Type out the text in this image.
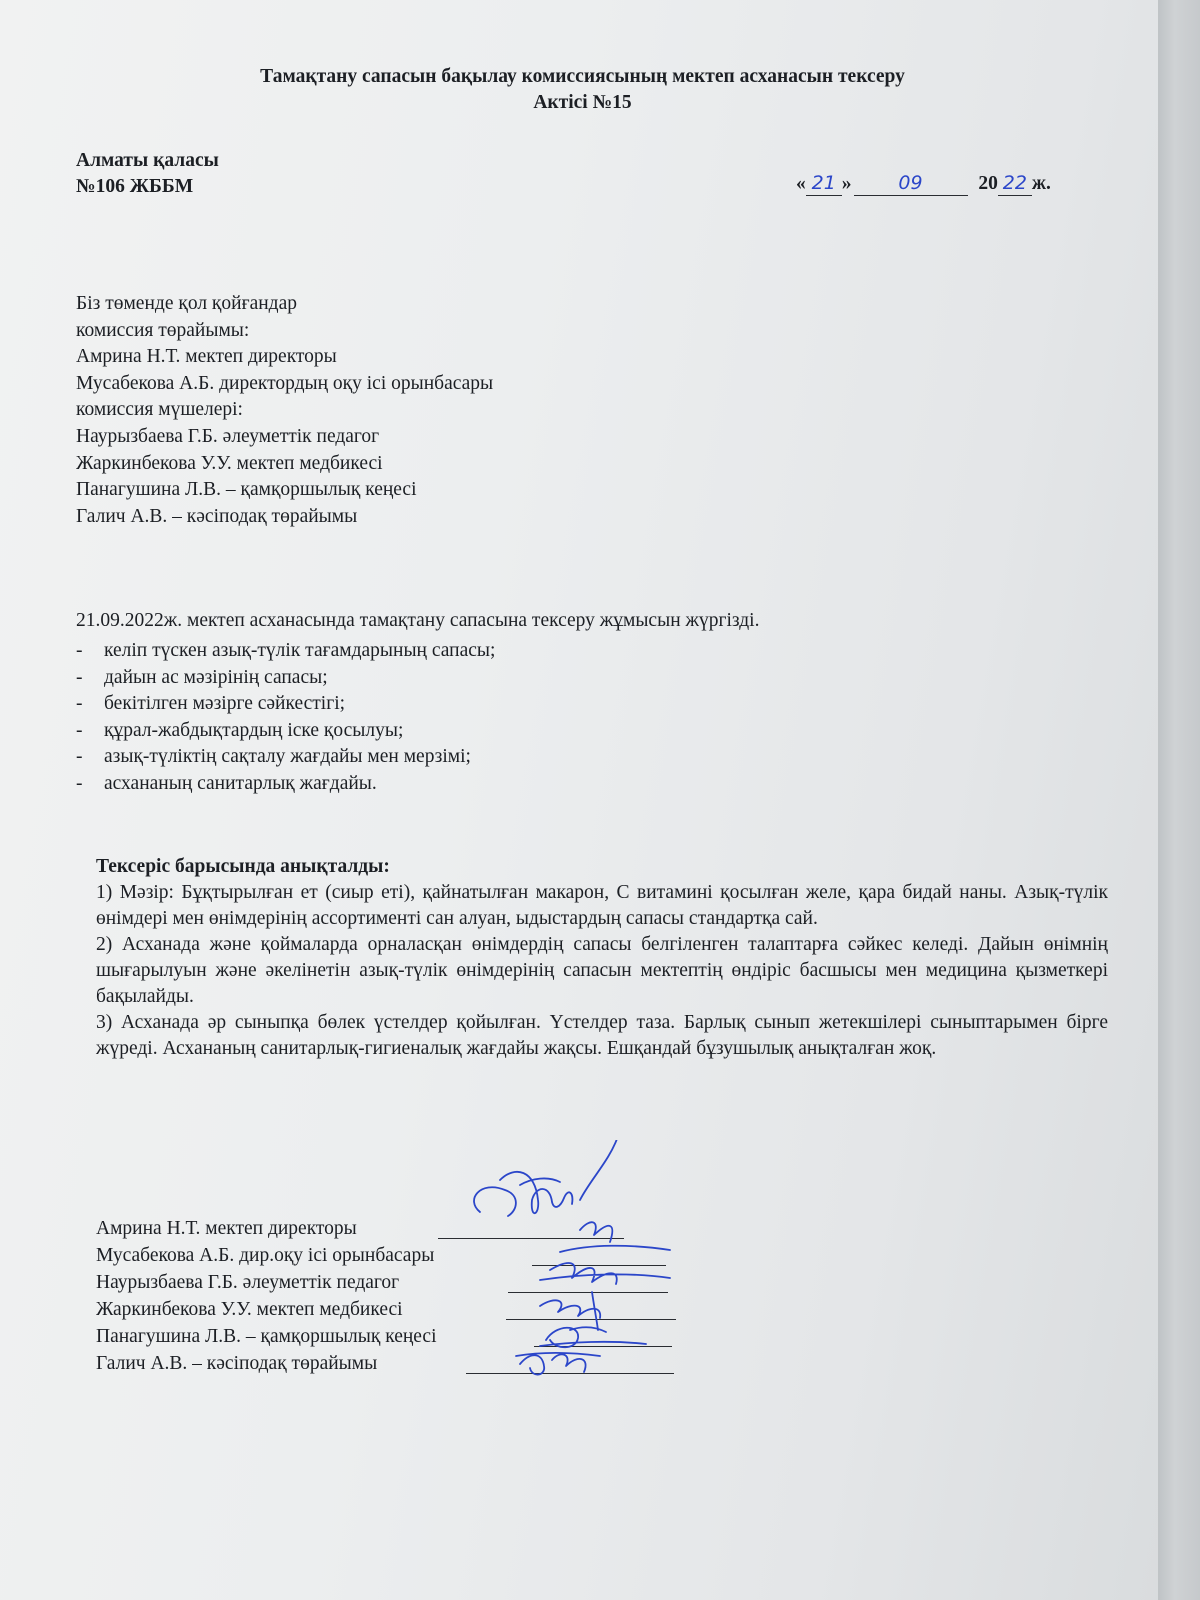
Тамақтану сапасын бақылау комиссиясының мектеп асханасын тексеру
Актісі №15
Алматы қаласы
№106 ЖББМ	« 21 » 09	20 22 ж.
Біз төменде қол қойғандар
комиссия төрайымы:
Амрина Н.Т. мектеп директоры
Мусабекова А.Б. директордың оқу ісі орынбасары
комиссия мүшелері:
Наурызбаева Г.Б. әлеуметтік педагог
Жаркинбекова У.У. мектеп медбикесі
Панагушина Л.В. – қамқоршылық кеңесі
Галич А.В. – кәсіподақ төрайымы
21.09.2022ж. мектеп асханасында тамақтану сапасына тексеру жұмысын жүргізді.
- келіп түскен азық-түлік тағамдарының сапасы;
- дайын ас мәзірінің сапасы;
- бекітілген мәзірге сәйкестігі;
- құрал-жабдықтардың іске қосылуы;
- азық-түліктің сақталу жағдайы мен мерзімі;
- асхананың санитарлық жағдайы.
Тексеріс барысында анықталды:

1) Мәзір: Бұқтырылған ет (сиыр еті), қайнатылған макарон, С витамині қосылған желе, қара бидай наны. Азық-түлік өнімдері мен өнімдерінің ассортименті сан алуан, ыдыстардың сапасы стандартқа сай.

2) Асханада және қоймаларда орналасқан өнімдердің сапасы белгіленген талаптарға сәйкес келеді. Дайын өнімнің шығарылуын және әкелінетін азық-түлік өнімдерінің сапасын мектептің өндіріс басшысы мен медицина қызметкері бақылайды.

3) Асханада әр сыныпқа бөлек үстелдер қойылған. Үстелдер таза. Барлық сынып жетекшілері сыныптарымен бірге жүреді. Асхананың санитарлық-гигиеналық жағдайы жақсы. Ешқандай бұзушылық анықталған жоқ.

Амрина Н.Т. мектеп директоры
Мусабекова А.Б. дир.оқу ісі орынбасары
Наурызбаева Г.Б. әлеуметтік педагог
Жаркинбекова У.У. мектеп медбикесі
Панагушина Л.В. – қамқоршылық кеңесі
Галич А.В. – кәсіподақ төрайымы
